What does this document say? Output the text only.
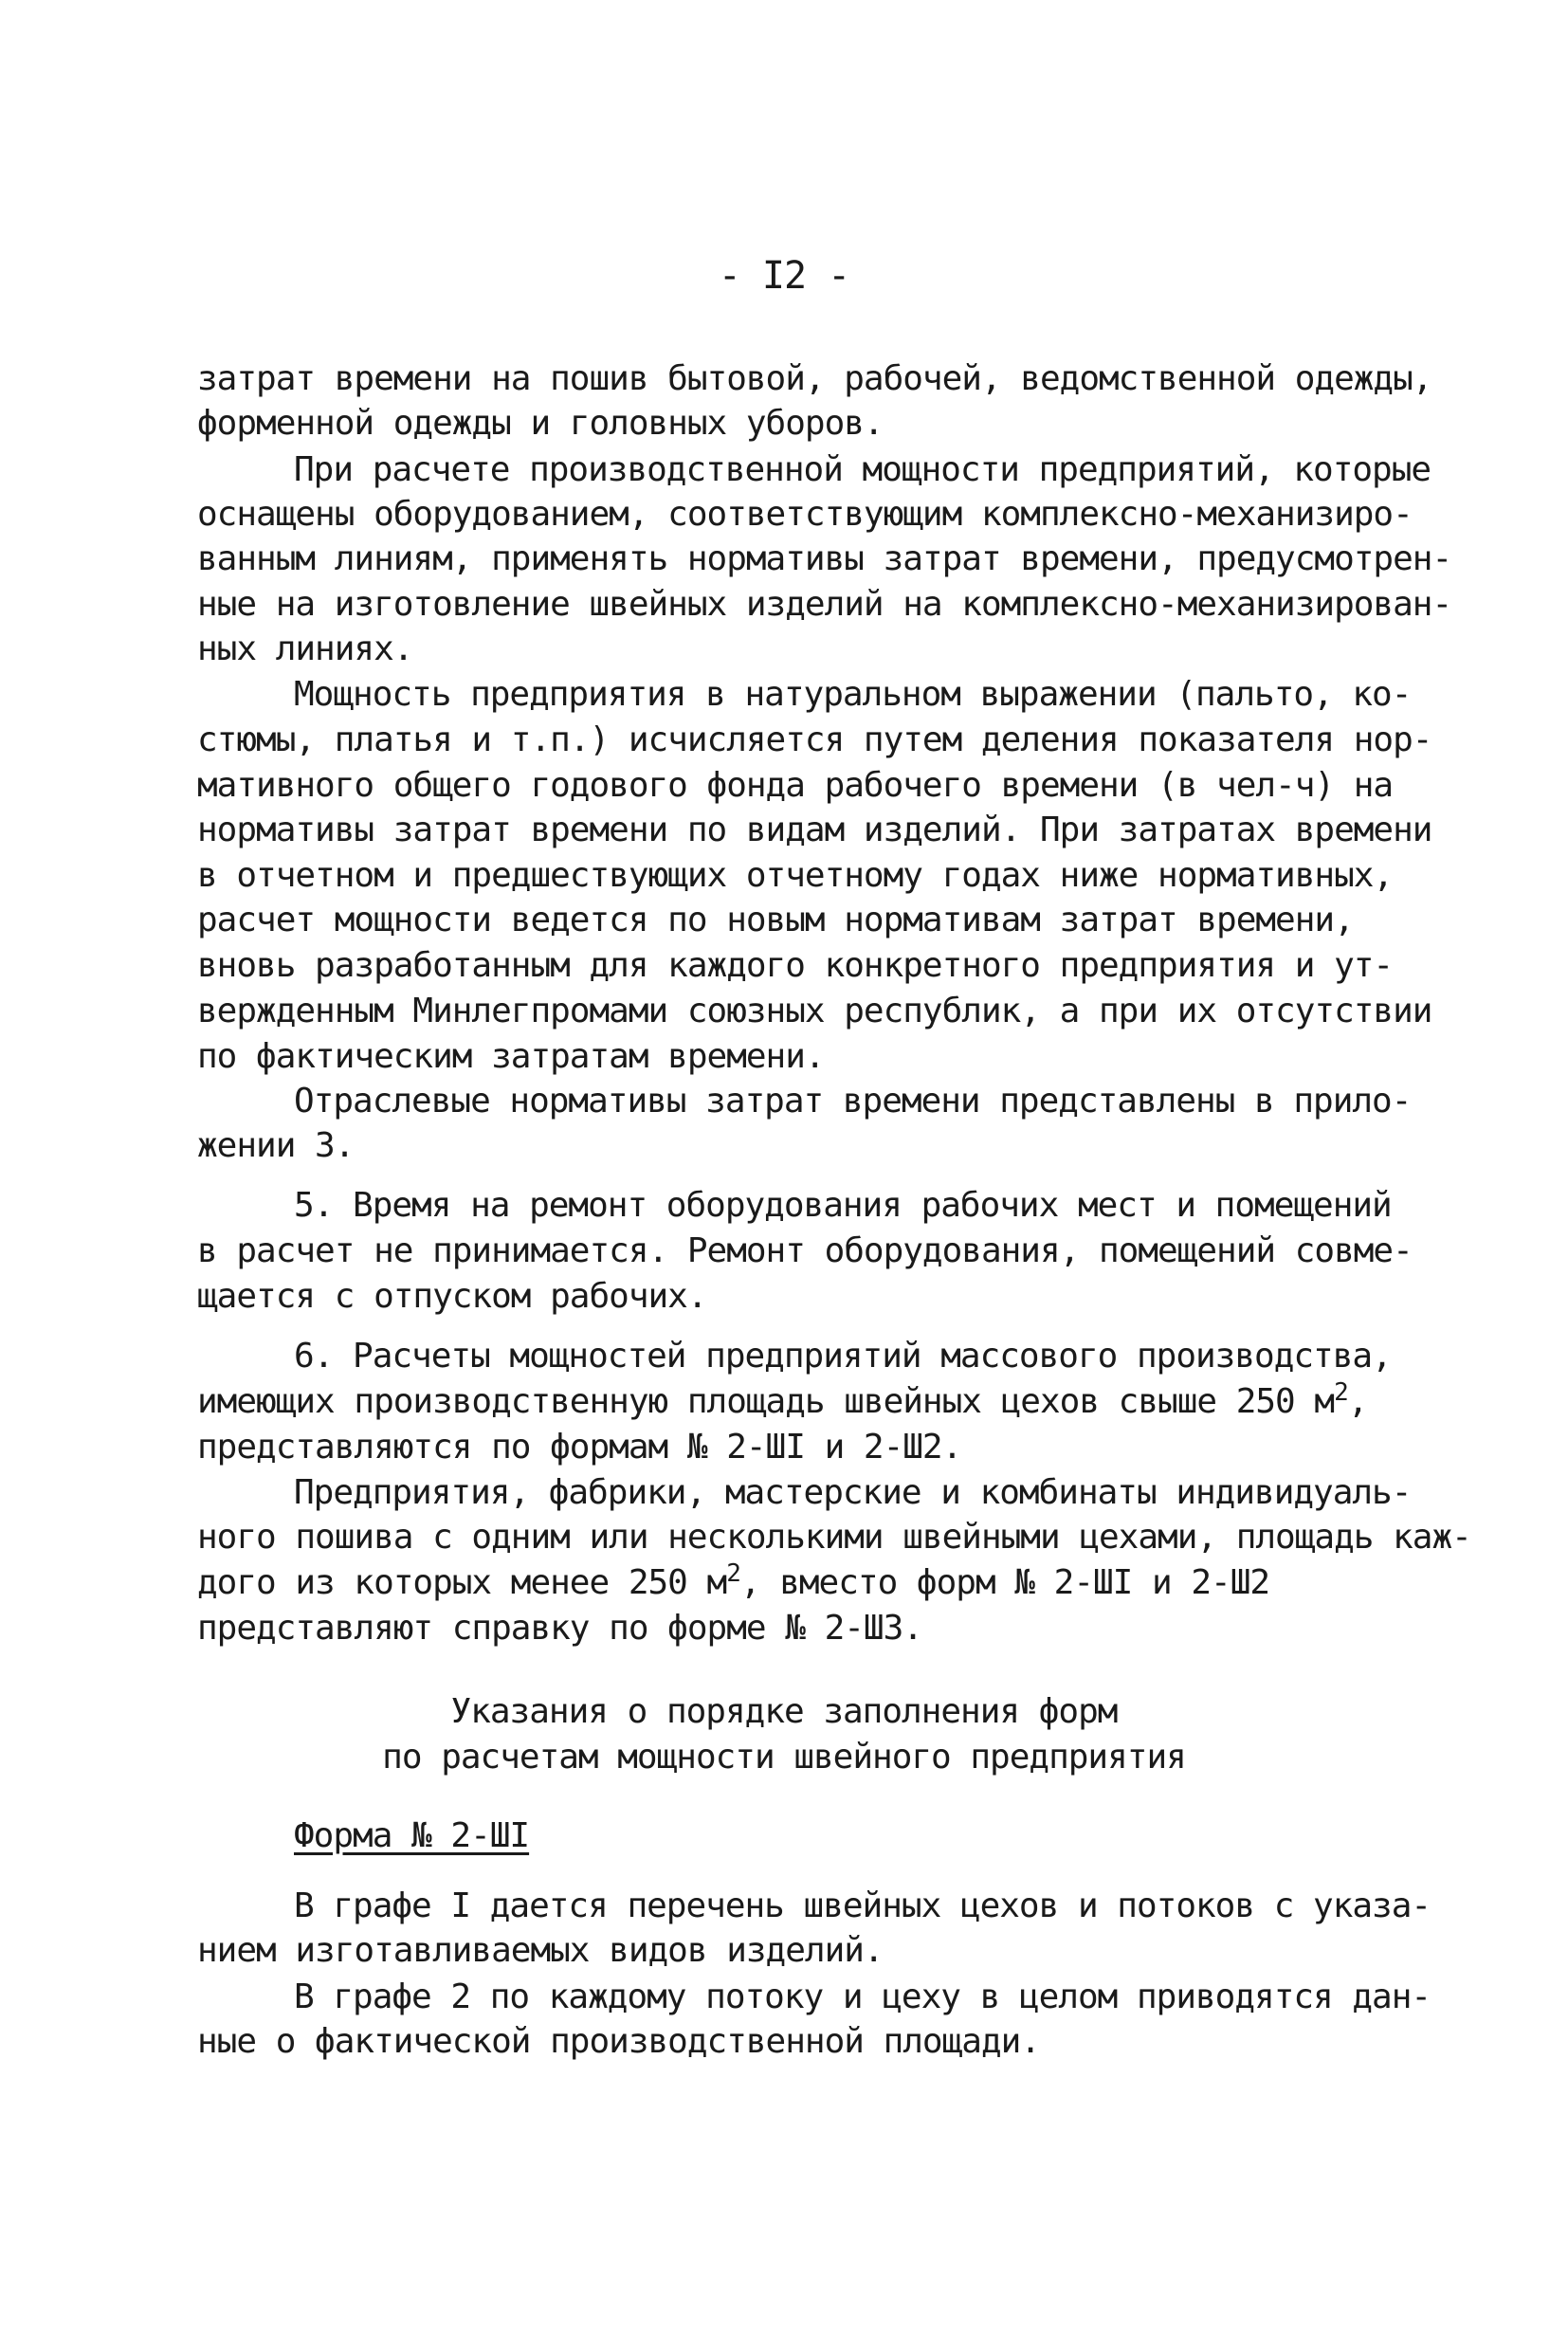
- I2 -
затрат времени на пошив бытовой, рабочей, ведомственной одежды,
форменной одежды и головных уборов.
При расчете производственной мощности предприятий, которые
оснащены оборудованием, соответствующим комплексно-механизиро-
ванным линиям, применять нормативы затрат времени, предусмотрен-
ные на изготовление швейных изделий на комплексно-механизирован-
ных линиях.
Мощность предприятия в натуральном выражении (пальто, ко-
стюмы, платья и т.п.) исчисляется путем деления показателя нор-
мативного общего годового фонда рабочего времени (в чел-ч) на
нормативы затрат времени по видам изделий. При затратах времени
в отчетном и предшествующих отчетному годах ниже нормативных,
расчет мощности ведется по новым нормативам затрат времени,
вновь разработанным для каждого конкретного предприятия и ут-
вержденным Минлегпромами союзных республик, а при их отсутствии
по фактическим затратам времени.
Отраслевые нормативы затрат времени представлены в прило-
жении 3.
5. Время на ремонт оборудования рабочих мест и помещений
в расчет не принимается. Ремонт оборудования, помещений совме-
щается с отпуском рабочих.
6. Расчеты мощностей предприятий массового производства,
имеющих производственную площадь швейных цехов свыше 250 $м^2$,
представляются по формам № 2-ШI и 2-Ш2.
Предприятия, фабрики, мастерские и комбинаты индивидуаль-
ного пошива с одним или несколькими швейными цехами, площадь каж-
дого из которых менее 250 $м^2$, вместо форм № 2-ШI и 2-Ш2
представляют справку по форме № 2-Ш3.
Указания о порядке заполнения форм
по расчетам мощности швейного предприятия
Форма № 2-ШI
В графе I дается перечень швейных цехов и потоков с указа-
нием изготавливаемых видов изделий.
В графе 2 по каждому потоку и цеху в целом приводятся дан-
ные о фактической производственной площади.
